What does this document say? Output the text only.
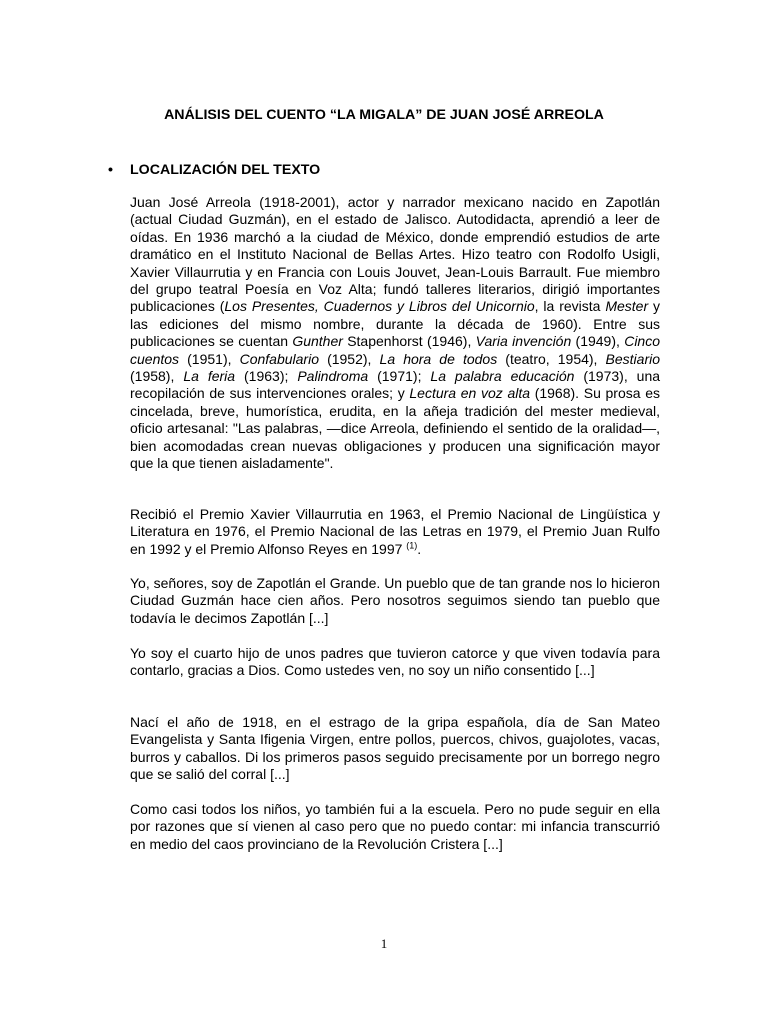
ANÁLISIS DEL CUENTO “LA MIGALA” DE JUAN JOSÉ ARREOLA
• LOCALIZACIÓN DEL TEXTO

Juan José Arreola (1918-2001), actor y narrador mexicano nacido en Zapotlán (actual Ciudad Guzmán), en el estado de Jalisco. Autodidacta, aprendió a leer de oídas. En 1936 marchó a la ciudad de México, donde emprendió estudios de arte dramático en el Instituto Nacional de Bellas Artes. Hizo teatro con Rodolfo Usigli, Xavier Villaurrutia y en Francia con Louis Jouvet, Jean-Louis Barrault. Fue miembro del grupo teatral Poesía en Voz Alta; fundó talleres literarios, dirigió importantes publicaciones (Los Presentes, Cuadernos y Libros del Unicornio, la revista Mester y las ediciones del mismo nombre, durante la década de 1960). Entre sus publicaciones se cuentan Gunther Stapenhorst (1946), Varia invención (1949), Cinco cuentos (1951), Confabulario (1952), La hora de todos (teatro, 1954), Bestiario (1958), La feria (1963); Palindroma (1971); La palabra educación (1973), una recopilación de sus intervenciones orales; y Lectura en voz alta (1968). Su prosa es cincelada, breve, humorística, erudita, en la añeja tradición del mester medieval, oficio artesanal: "Las palabras, —dice Arreola, definiendo el sentido de la oralidad—, bien acomodadas crean nuevas obligaciones y producen una significación mayor que la que tienen aisladamente".

Recibió el Premio Xavier Villaurrutia en 1963, el Premio Nacional de Lingüística y Literatura en 1976, el Premio Nacional de las Letras en 1979, el Premio Juan Rulfo en 1992 y el Premio Alfonso Reyes en 1997 $^{(1)}$.

Yo, señores, soy de Zapotlán el Grande. Un pueblo que de tan grande nos lo hicieron Ciudad Guzmán hace cien años. Pero nosotros seguimos siendo tan pueblo que todavía le decimos Zapotlán [...]

Yo soy el cuarto hijo de unos padres que tuvieron catorce y que viven todavía para contarlo, gracias a Dios. Como ustedes ven, no soy un niño consentido [...]

Nací el año de 1918, en el estrago de la gripa española, día de San Mateo Evangelista y Santa Ifigenia Virgen, entre pollos, puercos, chivos, guajolotes, vacas, burros y caballos. Di los primeros pasos seguido precisamente por un borrego negro que se salió del corral [...]

Como casi todos los niños, yo también fui a la escuela. Pero no pude seguir en ella por razones que sí vienen al caso pero que no puedo contar: mi infancia transcurrió en medio del caos provinciano de la Revolución Cristera [...]

1
